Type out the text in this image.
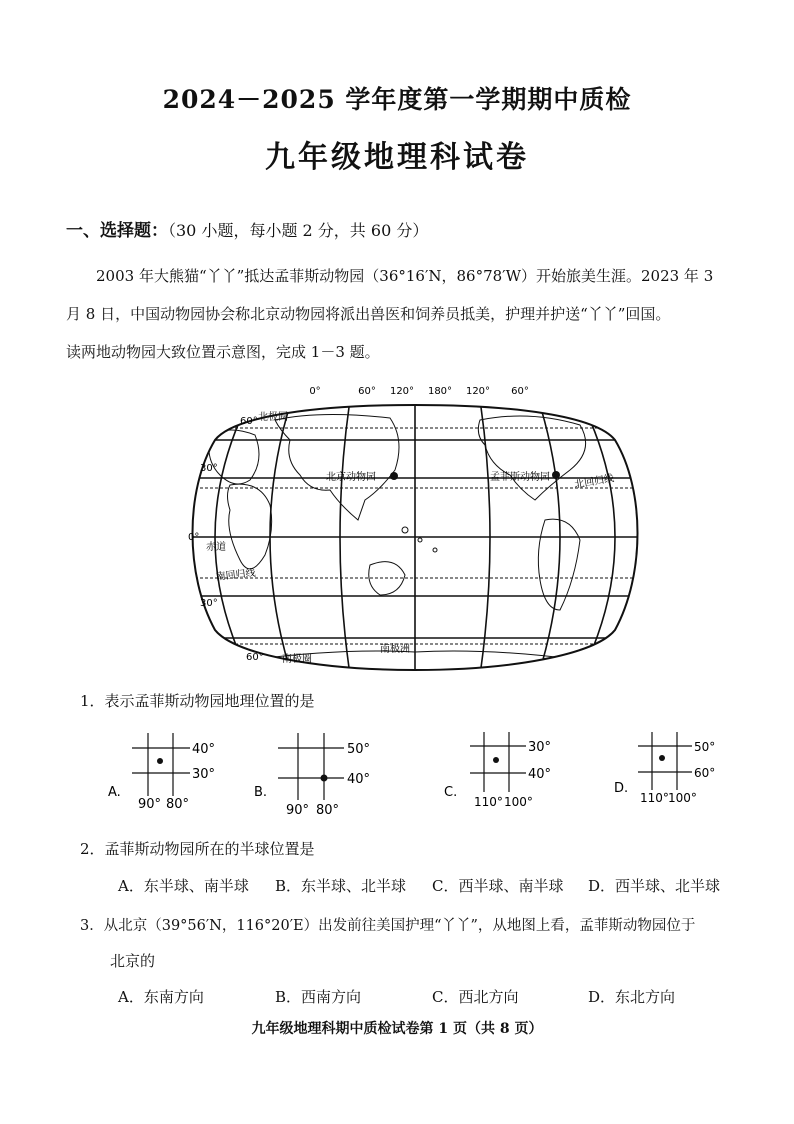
2024－2025 学年度第一学期期中质检
九年级地理科试卷
一、选择题：（30 小题，每小题 2 分，共 60 分）
2003 年大熊猫“丫丫”抵达孟菲斯动物园（36°16′N，86°78′W）开始旅美生涯。2023 年 3
月 8 日，中国动物园协会称北京动物园将派出兽医和饲养员抵美，护理并护送“丫丫”回国。
读两地动物园大致位置示意图，完成 1－3 题。
0°	60° 120° 180° 120° 60°
60°
30°
0°
30°
60°
北极圈
北京动物园	孟菲斯动物园 北回归线
赤道
南回归线
南极圈
南极洲
1．表示孟菲斯动物园地理位置的是
A.
40°
30°
90° 80°
B.
50°
40°
90° 80°
C.
30°
40°
110° 100°
D.
50°
60°
110° 100°
2．孟菲斯动物园所在的半球位置是
A．东半球、南半球 B．东半球、北半球 C．西半球、南半球 D．西半球、北半球
3．从北京（39°56′N，116°20′E）出发前往美国护理“丫丫”，从地图上看，孟菲斯动物园位于
北京的
A．东南方向	B．西南方向	C．西北方向	D．东北方向
九年级地理科期中质检试卷第 1 页（共 8 页）
